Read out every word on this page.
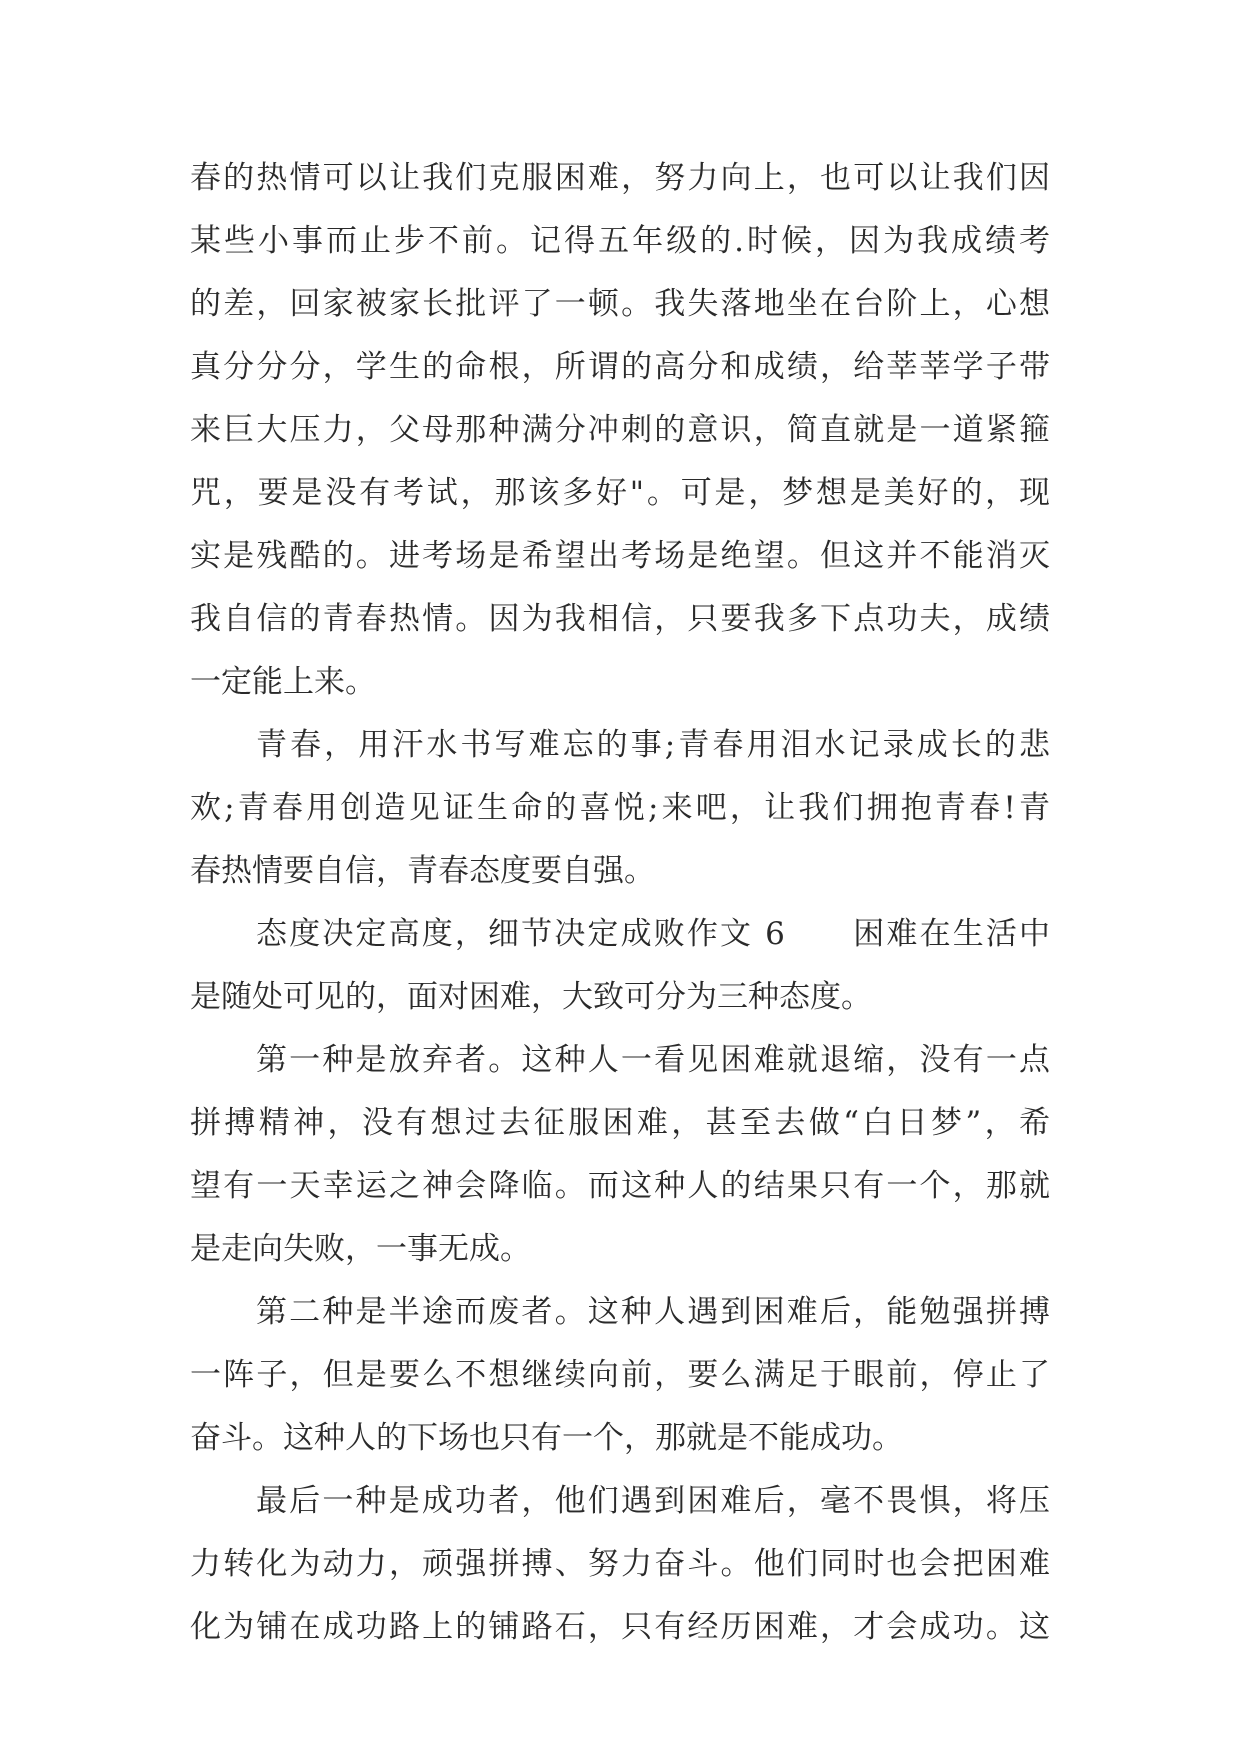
春的热情可以让我们克服困难，努力向上，也可以让我们因
某些小事而止步不前。记得五年级的.时候，因为我成绩考
的差，回家被家长批评了一顿。我失落地坐在台阶上，心想
真分分分，学生的命根，所谓的高分和成绩，给莘莘学子带
来巨大压力，父母那种满分冲刺的意识，简直就是一道紧箍
咒，要是没有考试，那该多好"。可是，梦想是美好的，现
实是残酷的。进考场是希望出考场是绝望。但这并不能消灭
我自信的青春热情。因为我相信，只要我多下点功夫，成绩
一定能上来。
青春，用汗水书写难忘的事;青春用泪水记录成长的悲
欢;青春用创造见证生命的喜悦;来吧，让我们拥抱青春!青
春热情要自信，青春态度要自强。
态度决定高度，细节决定成败作文 6　　困难在生活中
是随处可见的，面对困难，大致可分为三种态度。
第一种是放弃者。这种人一看见困难就退缩，没有一点
拼搏精神，没有想过去征服困难，甚至去做“白日梦”，希
望有一天幸运之神会降临。而这种人的结果只有一个，那就
是走向失败，一事无成。
第二种是半途而废者。这种人遇到困难后，能勉强拼搏
一阵子，但是要么不想继续向前，要么满足于眼前，停止了
奋斗。这种人的下场也只有一个，那就是不能成功。
最后一种是成功者，他们遇到困难后，毫不畏惧，将压
力转化为动力，顽强拼搏、努力奋斗。他们同时也会把困难
化为铺在成功路上的铺路石，只有经历困难，才会成功。这
